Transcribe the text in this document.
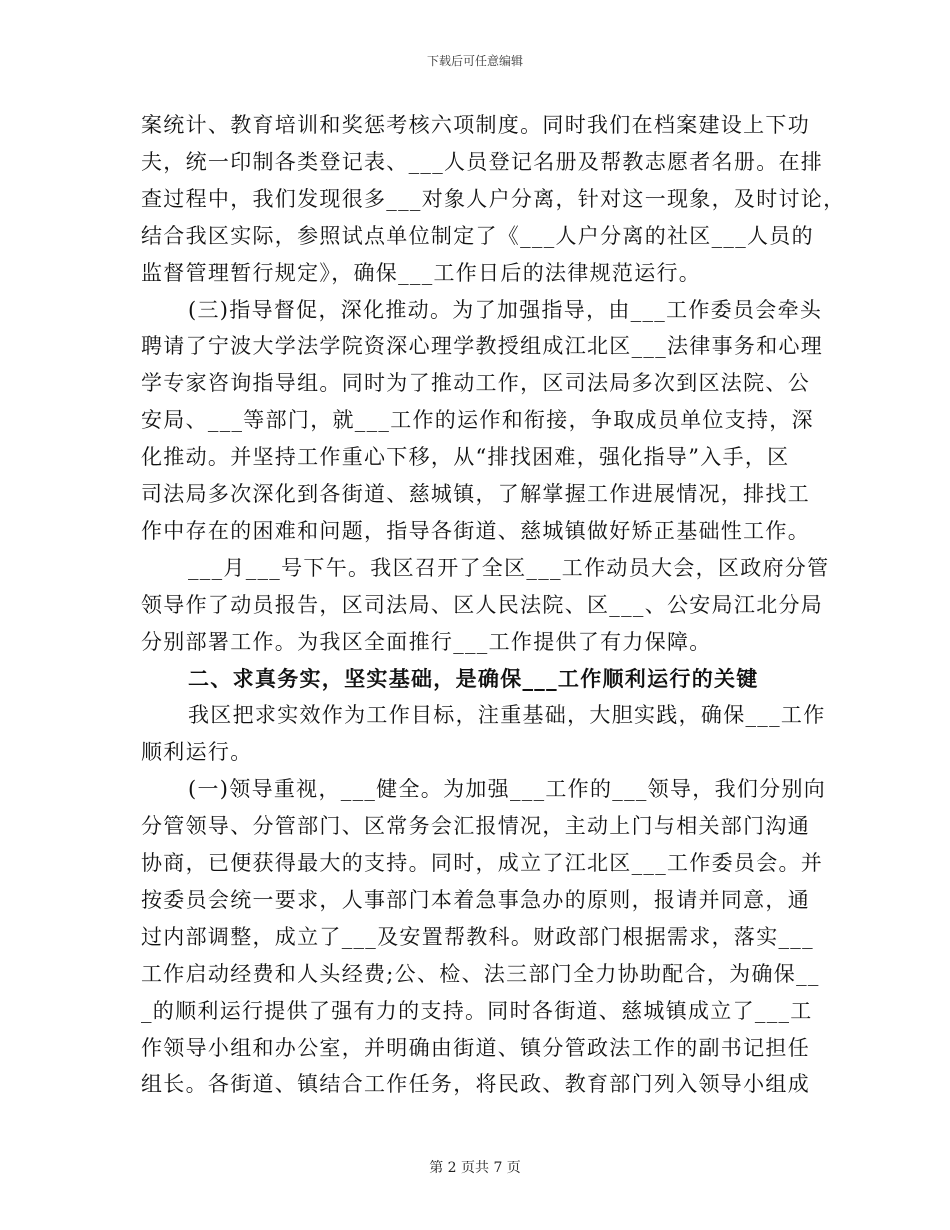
下载后可任意编辑
案统计、教育培训和奖惩考核六项制度。同时我们在档案建设上下功
夫，统一印制各类登记表、___人员登记名册及帮教志愿者名册。在排
查过程中，我们发现很多___对象人户分离，针对这一现象，及时讨论，
结合我区实际，参照试点单位制定了《___人户分离的社区___人员的
监督管理暂行规定》，确保___工作日后的法律规范运行。
(三)指导督促，深化推动。为了加强指导，由___工作委员会牵头
聘请了宁波大学法学院资深心理学教授组成江北区___法律事务和心理
学专家咨询指导组。同时为了推动工作，区司法局多次到区法院、公
安局、___等部门，就___工作的运作和衔接，争取成员单位支持，深
化推动。并坚持工作重心下移，从“排找困难，强化指导”入手，区
司法局多次深化到各街道、慈城镇，了解掌握工作进展情况，排找工
作中存在的困难和问题，指导各街道、慈城镇做好矫正基础性工作。
___月___号下午。我区召开了全区___工作动员大会，区政府分管
领导作了动员报告，区司法局、区人民法院、区___、公安局江北分局
分别部署工作。为我区全面推行___工作提供了有力保障。
二、求真务实，坚实基础，是确保___工作顺利运行的关键
我区把求实效作为工作目标，注重基础，大胆实践，确保___工作
顺利运行。
(一)领导重视，___健全。为加强___工作的___领导，我们分别向
分管领导、分管部门、区常务会汇报情况，主动上门与相关部门沟通
协商，已便获得最大的支持。同时，成立了江北区___工作委员会。并
按委员会统一要求，人事部门本着急事急办的原则，报请并同意，通
过内部调整，成立了___及安置帮教科。财政部门根据需求，落实___
工作启动经费和人头经费;公、检、法三部门全力协助配合，为确保__
_的顺利运行提供了强有力的支持。同时各街道、慈城镇成立了___工
作领导小组和办公室，并明确由街道、镇分管政法工作的副书记担任
组长。各街道、镇结合工作任务，将民政、教育部门列入领导小组成
第 2 页共 7 页
